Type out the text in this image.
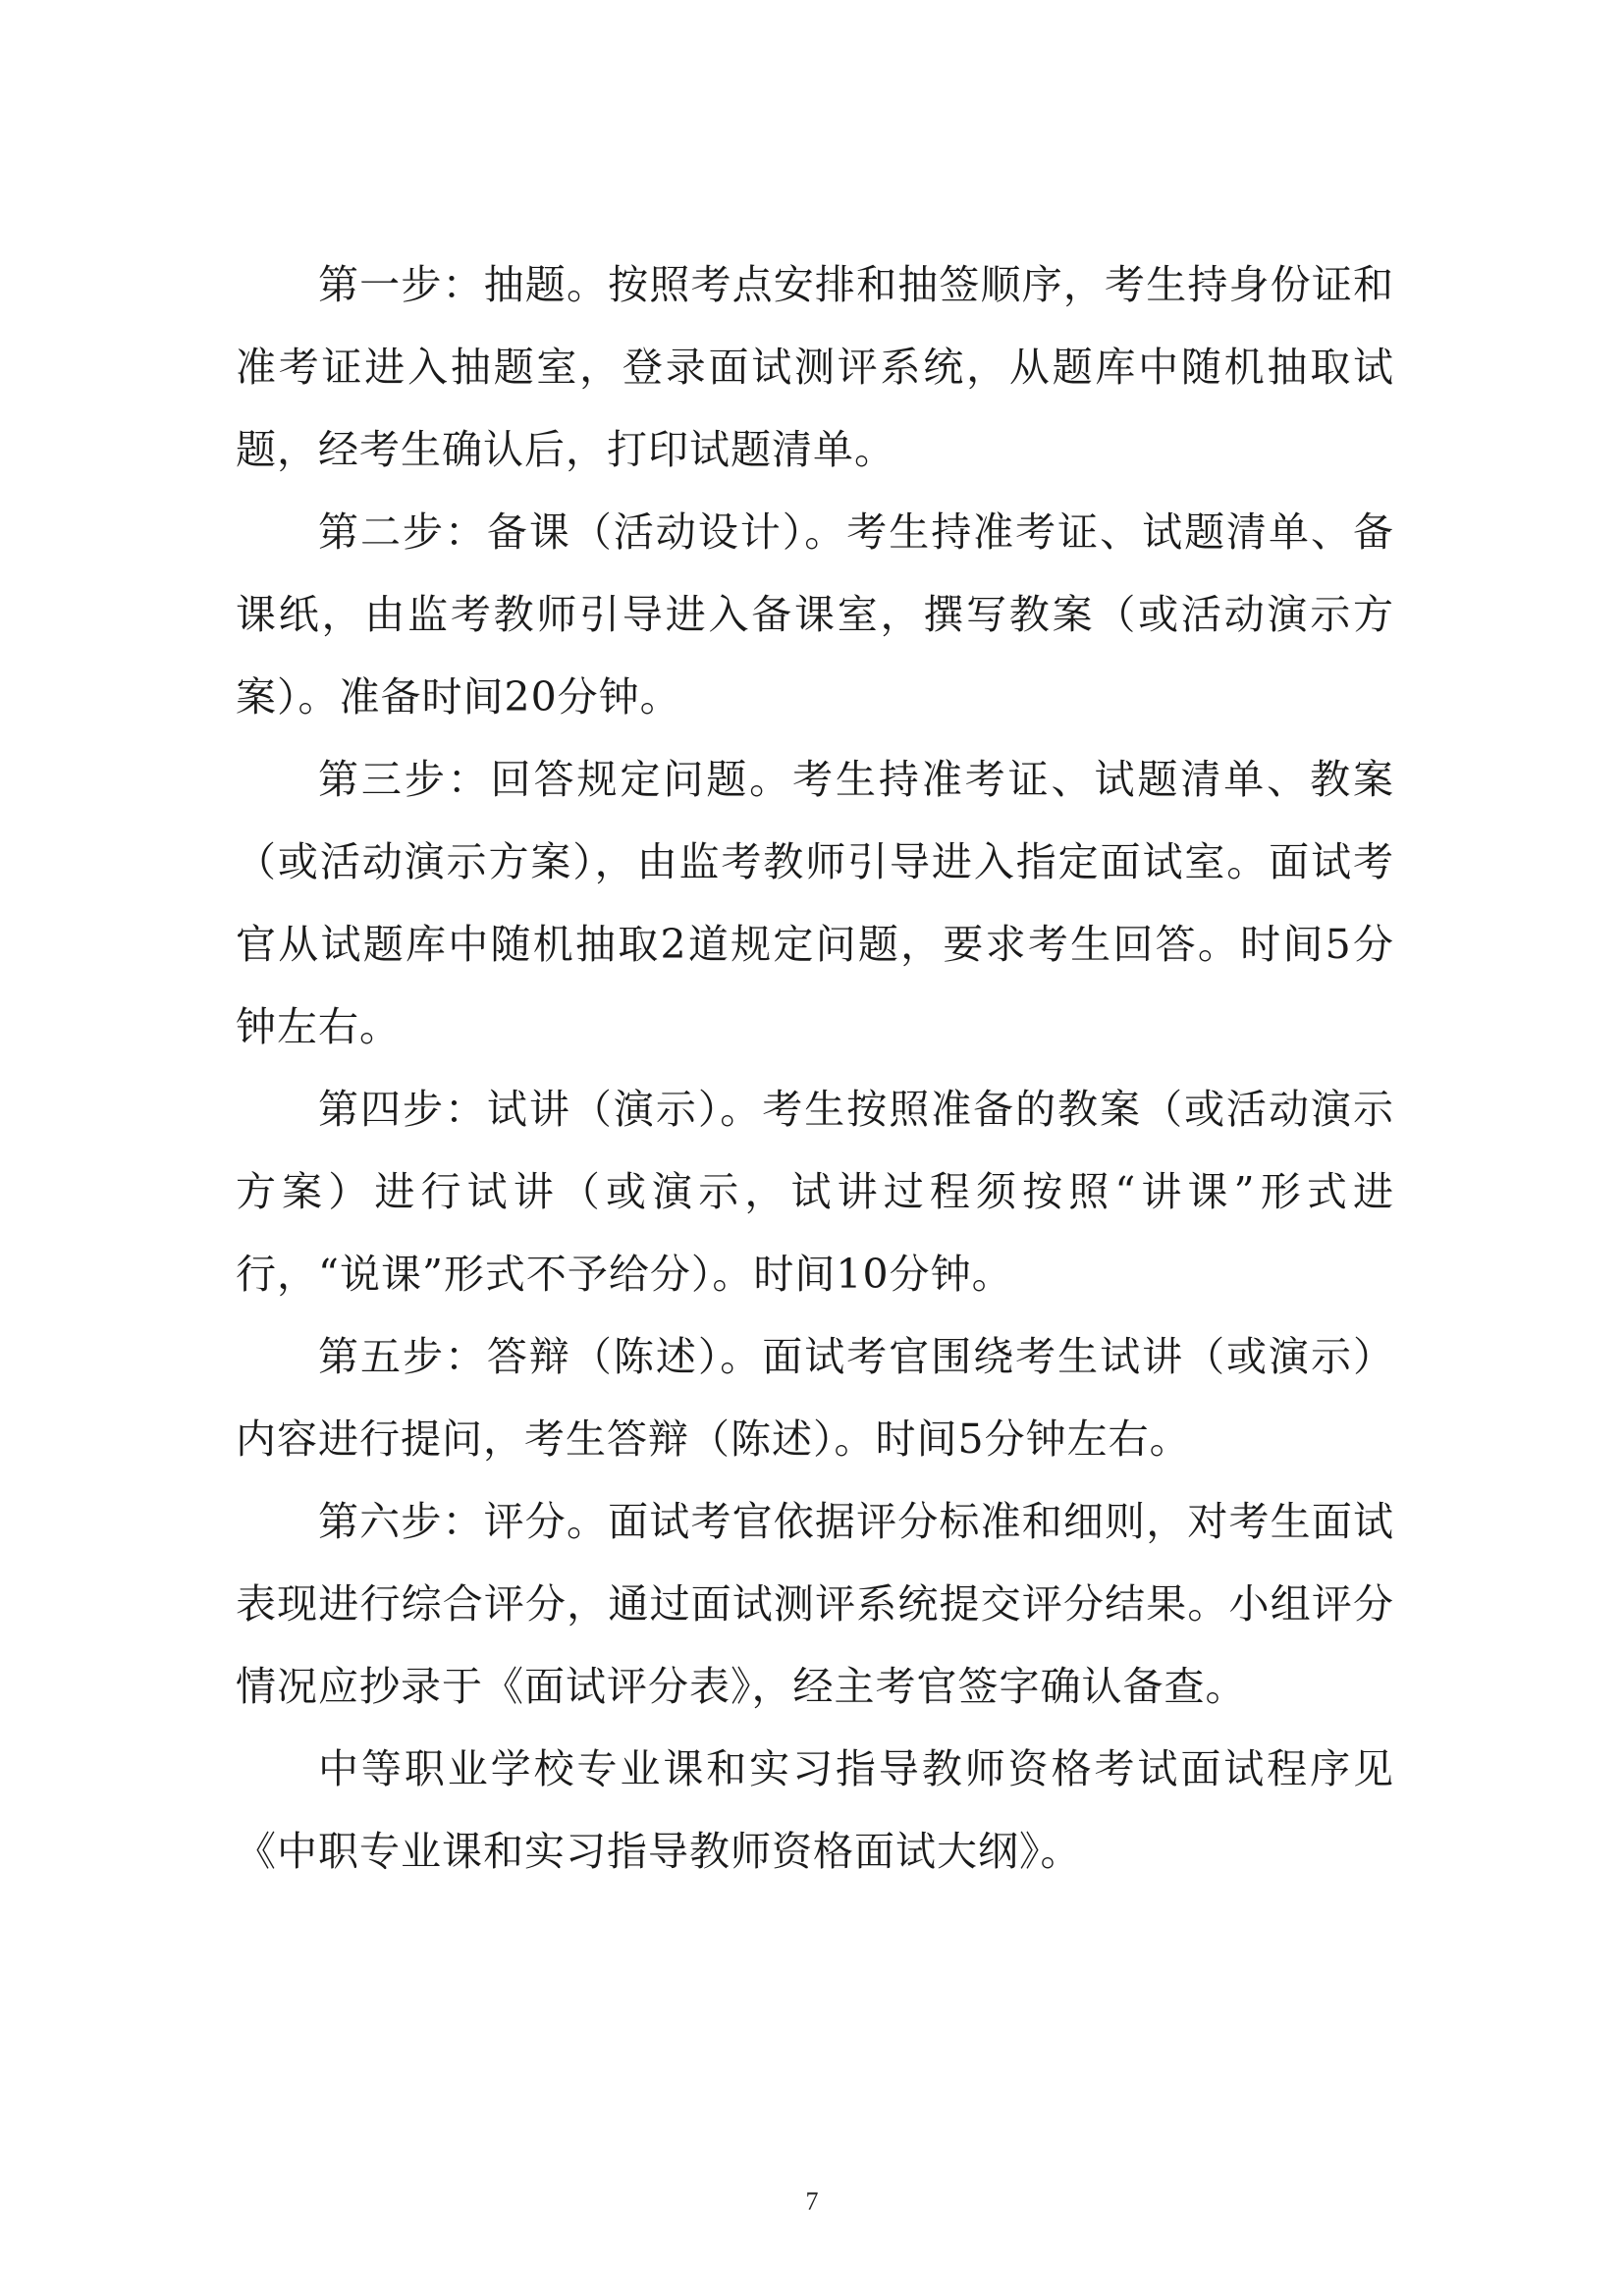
第一步：抽题。按照考点安排和抽签顺序，考生持身份证和准考证进入抽题室，登录面试测评系统，从题库中随机抽取试题，经考生确认后，打印试题清单。

第二步：备课（活动设计）。考生持准考证、试题清单、备课纸，由监考教师引导进入备课室，撰写教案（或活动演示方案）。准备时间20分钟。

第三步：回答规定问题。考生持准考证、试题清单、教案（或活动演示方案），由监考教师引导进入指定面试室。面试考官从试题库中随机抽取2道规定问题，要求考生回答。时间5分钟左右。

第四步：试讲（演示）。考生按照准备的教案（或活动演示方案）进行试讲（或演示，试讲过程须按照“讲课”形式进行，“说课”形式不予给分）。时间10分钟。

第五步：答辩（陈述）。面试考官围绕考生试讲（或演示）内容进行提问，考生答辩（陈述）。时间5分钟左右。

第六步：评分。面试考官依据评分标准和细则，对考生面试表现进行综合评分，通过面试测评系统提交评分结果。小组评分情况应抄录于《面试评分表》，经主考官签字确认备查。

中等职业学校专业课和实习指导教师资格考试面试程序见《中职专业课和实习指导教师资格面试大纲》。

7
